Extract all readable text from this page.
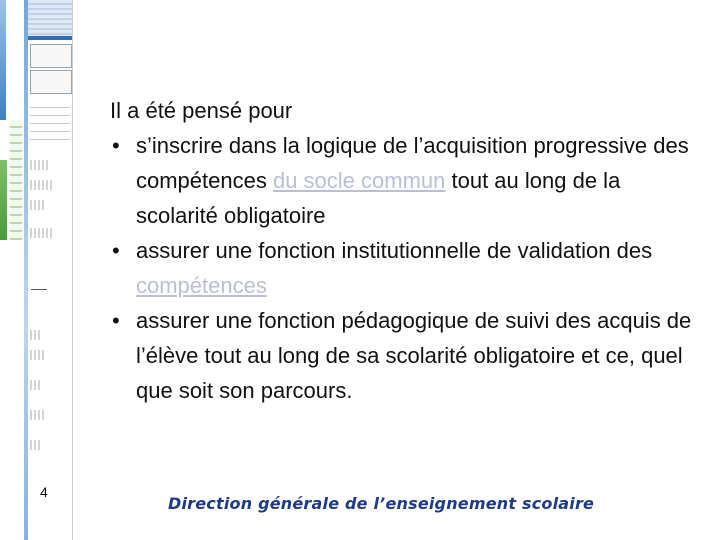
Il a été pensé pour

• s’inscrire dans la logique de l’acquisition progressive des compétences du socle commun tout au long de la scolarité obligatoire
• assurer une fonction institutionnelle de validation des compétences
• assurer une fonction pédagogique de suivi des acquis de l’élève tout au long de sa scolarité obligatoire et ce, quel que soit son parcours.
4
Direction générale de l’enseignement scolaire
